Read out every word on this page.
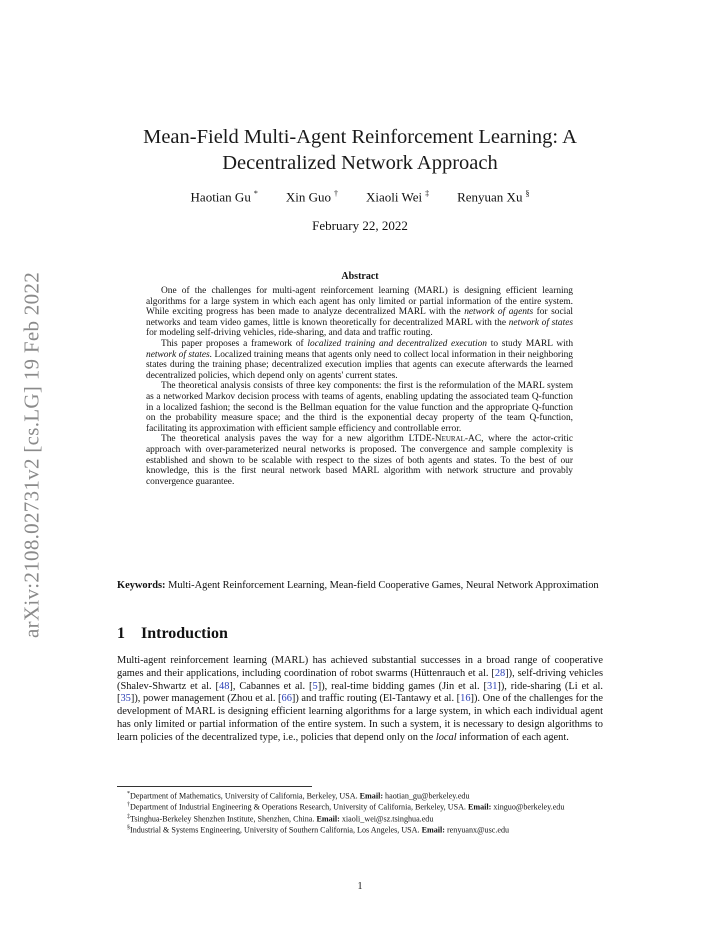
arXiv:2108.02731v2 [cs.LG] 19 Feb 2022
Mean-Field Multi-Agent Reinforcement Learning: A
Decentralized Network Approach
Haotian Gu * Xin Guo † Xiaoli Wei ‡ Renyuan Xu §
February 22, 2022
Abstract

One of the challenges for multi-agent reinforcement learning (MARL) is designing efficient learning algorithms for a large system in which each agent has only limited or partial information of the entire system. While exciting progress has been made to analyze decentralized MARL with the network of agents for social networks and team video games, little is known theoretically for decentralized MARL with the network of states for modeling self-driving vehicles, ride-sharing, and data and traffic routing.

This paper proposes a framework of localized training and decentralized execution to study MARL with network of states. Localized training means that agents only need to collect local information in their neighboring states during the training phase; decentralized execution implies that agents can execute afterwards the learned decentralized policies, which depend only on agents' current states.

The theoretical analysis consists of three key components: the first is the reformulation of the MARL system as a networked Markov decision process with teams of agents, enabling updating the associated team Q-function in a localized fashion; the second is the Bellman equation for the value function and the appropriate Q-function on the probability measure space; and the third is the exponential decay property of the team Q-function, facilitating its approximation with efficient sample efficiency and controllable error.

The theoretical analysis paves the way for a new algorithm LTDE-Neural-AC, where the actor-critic approach with over-parameterized neural networks is proposed. The convergence and sample complexity is established and shown to be scalable with respect to the sizes of both agents and states. To the best of our knowledge, this is the first neural network based MARL algorithm with network structure and provably convergence guarantee.

Keywords: Multi-Agent Reinforcement Learning, Mean-field Cooperative Games, Neural Network Approximation
1 Introduction

Multi-agent reinforcement learning (MARL) has achieved substantial successes in a broad range of cooperative games and their applications, including coordination of robot swarms (Hüttenrauch et al. [28]), self-driving vehicles (Shalev-Shwartz et al. [48], Cabannes et al. [5]), real-time bidding games (Jin et al. [31]), ride-sharing (Li et al. [35]), power management (Zhou et al. [66]) and traffic routing (El-Tantawy et al. [16]). One of the challenges for the development of MARL is designing efficient learning algorithms for a large system, in which each individual agent has only limited or partial information of the entire system. In such a system, it is necessary to design algorithms to learn policies of the decentralized type, i.e., policies that depend only on the local information of each agent.

*Department of Mathematics, University of California, Berkeley, USA. Email: haotian_gu@berkeley.edu

†Department of Industrial Engineering & Operations Research, University of California, Berkeley, USA. Email: xinguo@berkeley.edu

‡Tsinghua-Berkeley Shenzhen Institute, Shenzhen, China. Email: xiaoli_wei@sz.tsinghua.edu

§Industrial & Systems Engineering, University of Southern California, Los Angeles, USA. Email: renyuanx@usc.edu

1
